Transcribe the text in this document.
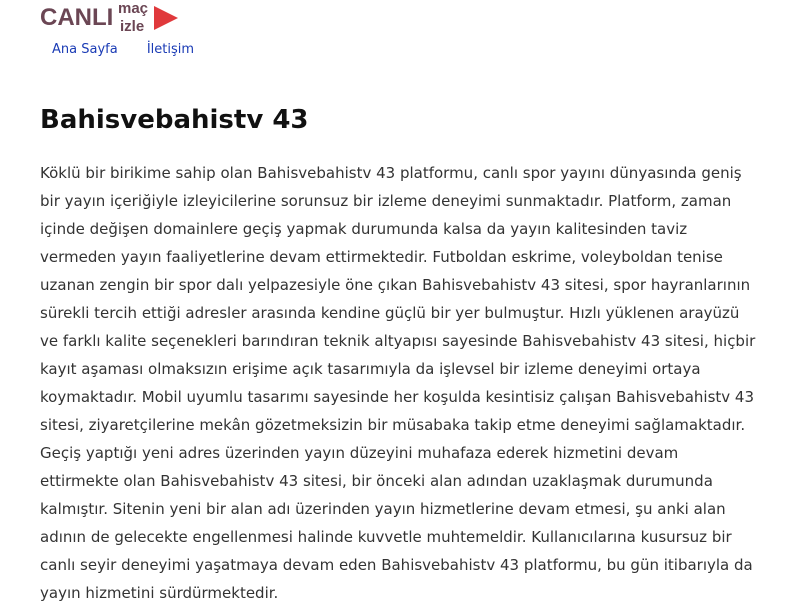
CANLI maç
izle
Ana Sayfa İletişim
Bahisvebahistv 43

Köklü bir birikime sahip olan Bahisvebahistv 43 platformu, canlı spor yayını dünyasında geniş bir yayın içeriğiyle izleyicilerine sorunsuz bir izleme deneyimi sunmaktadır. Platform, zaman içinde değişen domainlere geçiş yapmak durumunda kalsa da yayın kalitesinden taviz vermeden yayın faaliyetlerine devam ettirmektedir. Futboldan eskrime, voleyboldan tenise uzanan zengin bir spor dalı yelpazesiyle öne çıkan Bahisvebahistv 43 sitesi, spor hayranlarının sürekli tercih ettiği adresler arasında kendine güçlü bir yer bulmuştur. Hızlı yüklenen arayüzü ve farklı kalite seçenekleri barındıran teknik altyapısı sayesinde Bahisvebahistv 43 sitesi, hiçbir kayıt aşaması olmaksızın erişime açık tasarımıyla da işlevsel bir izleme deneyimi ortaya koymaktadır. Mobil uyumlu tasarımı sayesinde her koşulda kesintisiz çalışan Bahisvebahistv 43 sitesi, ziyaretçilerine mekân gözetmeksizin bir müsabaka takip etme deneyimi sağlamaktadır. Geçiş yaptığı yeni adres üzerinden yayın düzeyini muhafaza ederek hizmetini devam ettirmekte olan Bahisvebahistv 43 sitesi, bir önceki alan adından uzaklaşmak durumunda kalmıştır. Sitenin yeni bir alan adı üzerinden yayın hizmetlerine devam etmesi, şu anki alan adının de gelecekte engellenmesi halinde kuvvetle muhtemeldir. Kullanıcılarına kusursuz bir canlı seyir deneyimi yaşatmaya devam eden Bahisvebahistv 43 platformu, bu gün itibarıyla da yayın hizmetini sürdürmektedir.
